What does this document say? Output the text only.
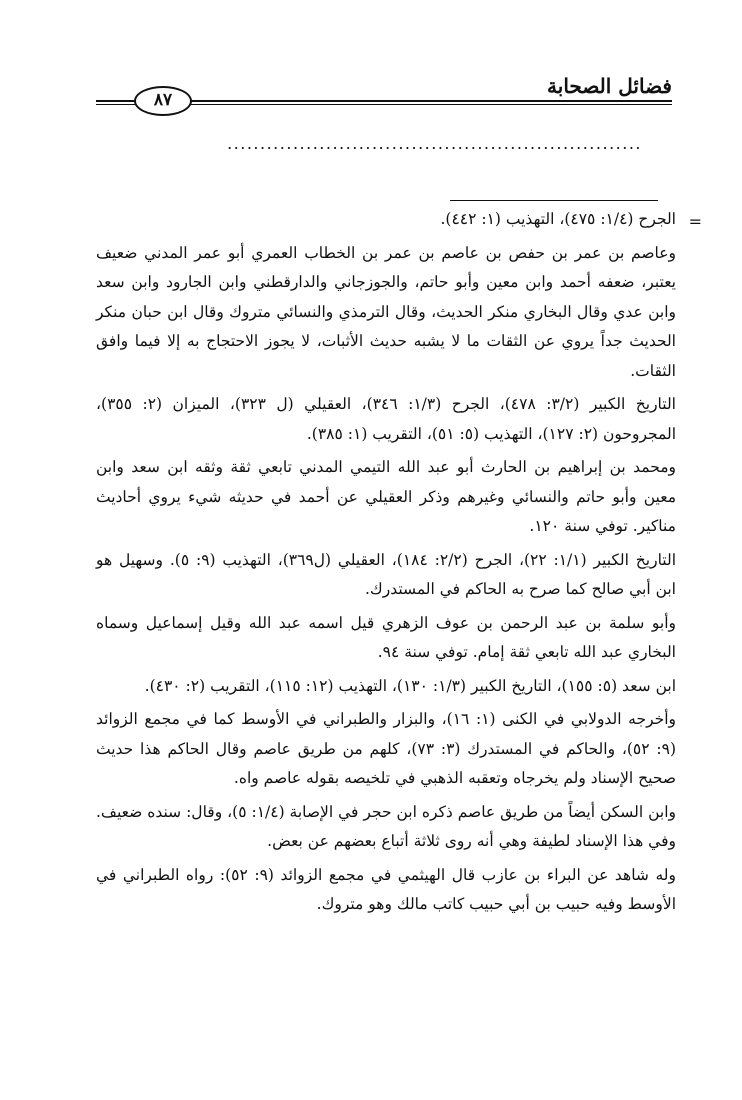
فضائل الصحابة
٨٧
...............................................................

=
الجرح (١/٤: ٤٧٥)، التهذيب (١: ٤٤٢).

وعاصم بن عمر بن حفص بن عاصم بن عمر بن الخطاب العمري أبو عمر المدني ضعيف يعتبر، ضعفه أحمد وابن معين وأبو حاتم، والجوزجاني والدارقطني وابن الجارود وابن سعد وابن عدي وقال البخاري منكر الحديث، وقال الترمذي والنسائي متروك وقال ابن حبان منكر الحديث جداً يروي عن الثقات ما لا يشبه حديث الأثبات، لا يجوز الاحتجاج به إلا فيما وافق الثقات.

التاريخ الكبير (٣/٢: ٤٧٨)، الجرح (١/٣: ٣٤٦)، العقيلي (ل ٣٢٣)، الميزان (٢: ٣٥٥)، المجروحون (٢: ١٢٧)، التهذيب (٥: ٥١)، التقريب (١: ٣٨٥).

ومحمد بن إبراهيم بن الحارث أبو عبد الله التيمي المدني تابعي ثقة وثقه ابن سعد وابن معين وأبو حاتم والنسائي وغيرهم وذكر العقيلي عن أحمد في حديثه شيء يروي أحاديث مناكير. توفي سنة ١٢٠.

التاريخ الكبير (١/١: ٢٢)، الجرح (٢/٢: ١٨٤)، العقيلي (ل٣٦٩)، التهذيب (٩: ٥). وسهيل هو ابن أبي صالح كما صرح به الحاكم في المستدرك.

وأبو سلمة بن عبد الرحمن بن عوف الزهري قيل اسمه عبد الله وقيل إسماعيل وسماه البخاري عبد الله تابعي ثقة إمام. توفي سنة ٩٤.

ابن سعد (٥: ١٥٥)، التاريخ الكبير (١/٣: ١٣٠)، التهذيب (١٢: ١١٥)، التقريب (٢: ٤٣٠).

وأخرجه الدولابي في الكنى (١: ١٦)، والبزار والطبراني في الأوسط كما في مجمع الزوائد (٩: ٥٢)، والحاكم في المستدرك (٣: ٧٣)، كلهم من طريق عاصم وقال الحاكم هذا حديث صحيح الإسناد ولم يخرجاه وتعقبه الذهبي في تلخيصه بقوله عاصم واه.

وابن السكن أيضاً من طريق عاصم ذكره ابن حجر في الإصابة (١/٤: ٥)، وقال: سنده ضعيف. وفي هذا الإسناد لطيفة وهي أنه روى ثلاثة أتباع بعضهم عن بعض.

وله شاهد عن البراء بن عازب قال الهيثمي في مجمع الزوائد (٩: ٥٢): رواه الطبراني في الأوسط وفيه حبيب بن أبي حبيب كاتب مالك وهو متروك.
